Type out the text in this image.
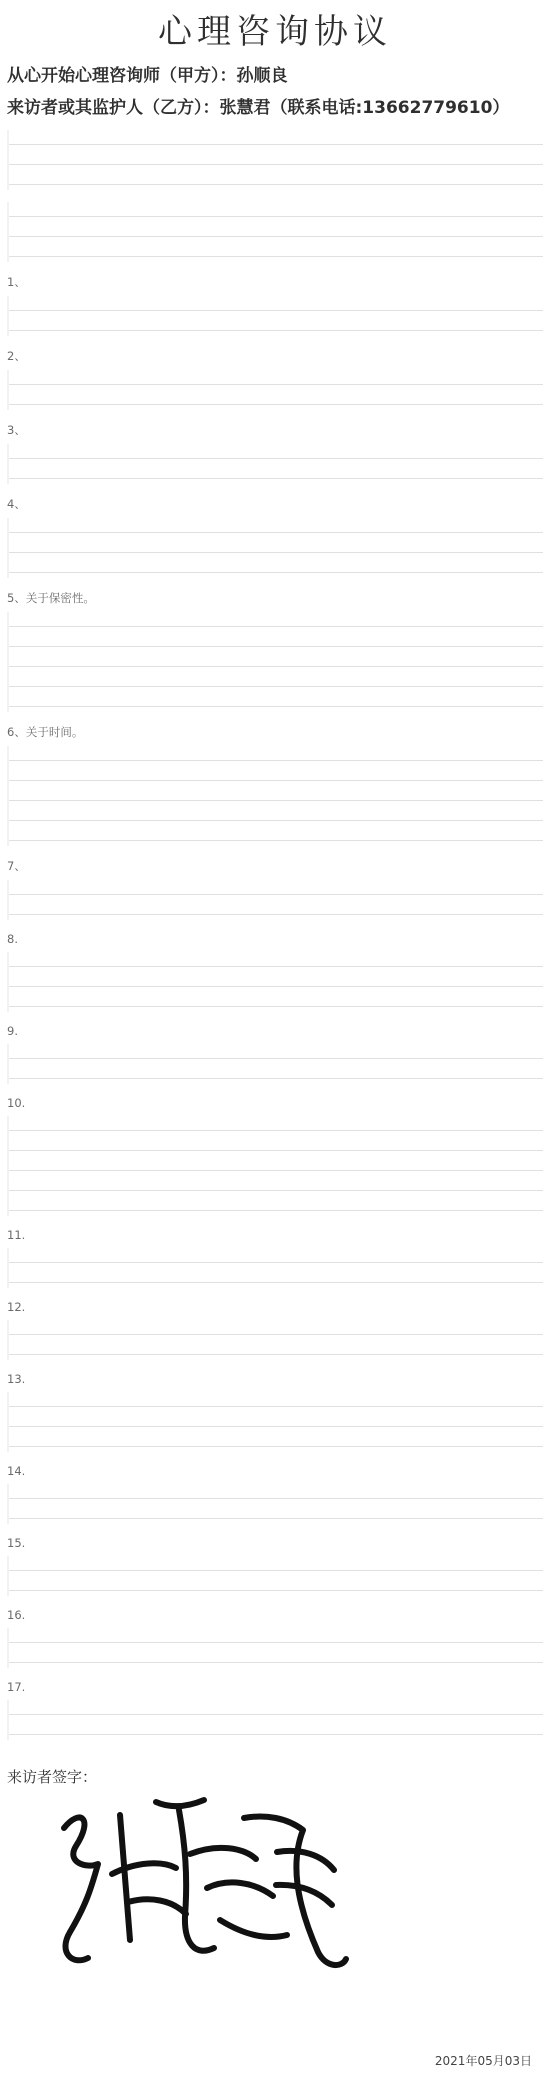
心理咨询协议
从心开始心理咨询师（甲方）：孙顺良
来访者或其监护人（乙方）：张慧君（联系电话:13662779610）
1、
2、
3、
4、
5、关于保密性。
6、关于时间。
7、
8.
9.
10.
11.
12.
13.
14.
15.
16.
17.
来访者签字：
2021年05月03日
